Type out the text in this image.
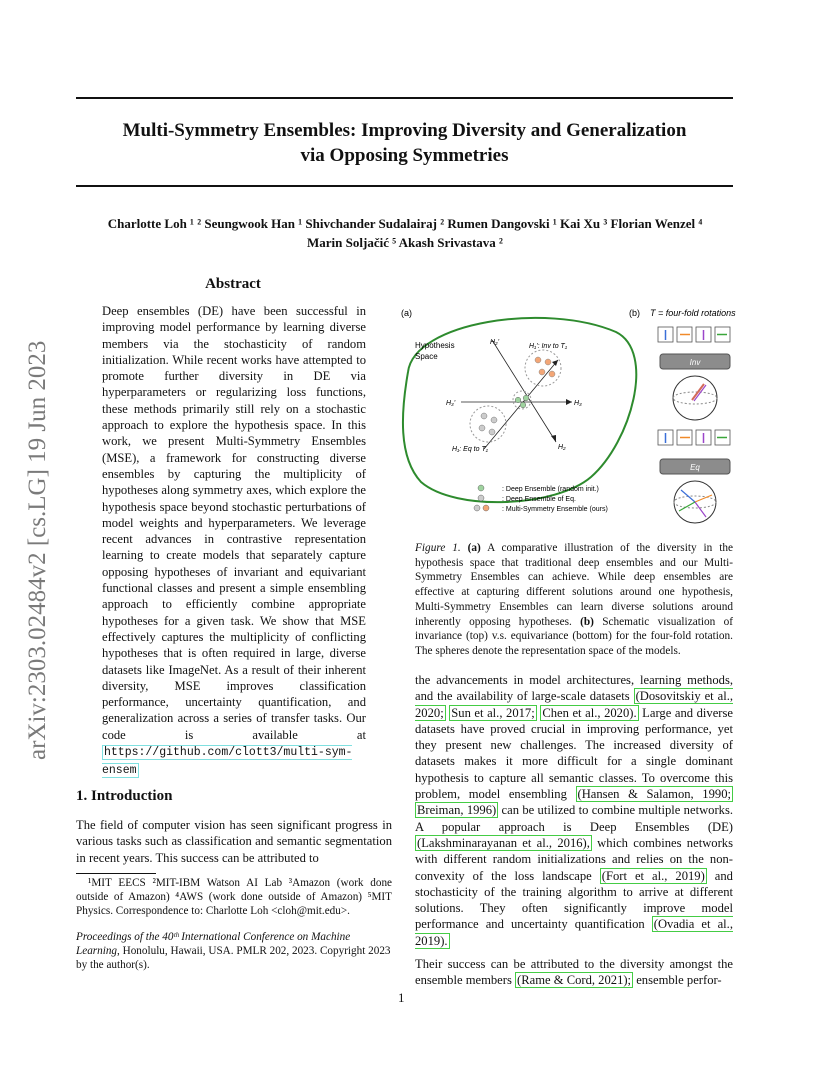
Multi-Symmetry Ensembles: Improving Diversity and Generalization
via Opposing Symmetries
Charlotte Loh ¹ ² Seungwook Han ¹ Shivchander Sudalairaj ² Rumen Dangovski ¹ Kai Xu ³ Florian Wenzel ⁴
Marin Soljačić ⁵ Akash Srivastava ²
arXiv:2303.02484v2 [cs.LG] 19 Jun 2023
Abstract
Deep ensembles (DE) have been successful in improving model performance by learning diverse members via the stochasticity of random initialization. While recent works have attempted to promote further diversity in DE via hyperparameters or regularizing loss functions, these methods primarily still rely on a stochastic approach to explore the hypothesis space. In this work, we present Multi-Symmetry Ensembles (MSE), a framework for constructing diverse ensembles by capturing the multiplicity of hypotheses along symmetry axes, which explore the hypothesis space beyond stochastic perturbations of model weights and hyperparameters. We leverage recent advances in contrastive representation learning to create models that separately capture opposing hypotheses of invariant and equivariant functional classes and present a simple ensembling approach to efficiently combine appropriate hypotheses for a given task. We show that MSE effectively captures the multiplicity of conflicting hypotheses that is often required in large, diverse datasets like ImageNet. As a result of their inherent diversity, MSE improves classification performance, uncertainty quantification, and generalization across a series of transfer tasks. Our code is available at https://github.com/clott3/multi-sym-ensem
1. Introduction
The field of computer vision has seen significant progress in various tasks such as classification and semantic segmentation in recent years. This success can be attributed to
¹MIT EECS ²MIT-IBM Watson AI Lab ³Amazon (work done outside of Amazon) ⁴AWS (work done outside of Amazon) ⁵MIT Physics. Correspondence to: Charlotte Loh <cloh@mit.edu>.
Proceedings of the 40ᵗʰ International Conference on Machine Learning, Honolulu, Hawaii, USA. PMLR 202, 2023. Copyright 2023 by the author(s).
(a)	(b) T = four-fold rotations
Hypothesis
Space
H₂'
H₁': Inv to T₁
H₃'	H₃
H₁: Eq to T₁	H₂
: Deep Ensemble (random init.)
: Deep Ensemble of Eq.
: Multi-Symmetry Ensemble (ours)
Inv
Eq
Figure 1. (a) A comparative illustration of the diversity in the hypothesis space that traditional deep ensembles and our Multi-Symmetry Ensembles can achieve. While deep ensembles are effective at capturing different solutions around one hypothesis, Multi-Symmetry Ensembles can learn diverse solutions around inherently opposing hypotheses. (b) Schematic visualization of invariance (top) v.s. equivariance (bottom) for the four-fold rotation. The spheres denote the representation space of the models.

the advancements in model architectures, learning methods, and the availability of large-scale datasets (Dosovitskiy et al., 2020; Sun et al., 2017; Chen et al., 2020). Large and diverse datasets have proved crucial in improving performance, yet they present new challenges. The increased diversity of datasets makes it more difficult for a single dominant hypothesis to capture all semantic classes. To overcome this problem, model ensembling (Hansen & Salamon, 1990; Breiman, 1996) can be utilized to combine multiple networks. A popular approach is Deep Ensembles (DE) (Lakshminarayanan et al., 2016), which combines networks with different random initializations and relies on the non-convexity of the loss landscape (Fort et al., 2019) and stochasticity of the training algorithm to arrive at different solutions. They often significantly improve model performance and uncertainty quantification (Ovadia et al., 2019).

Their success can be attributed to the diversity amongst the ensemble members (Rame & Cord, 2021); ensemble perfor-

1
